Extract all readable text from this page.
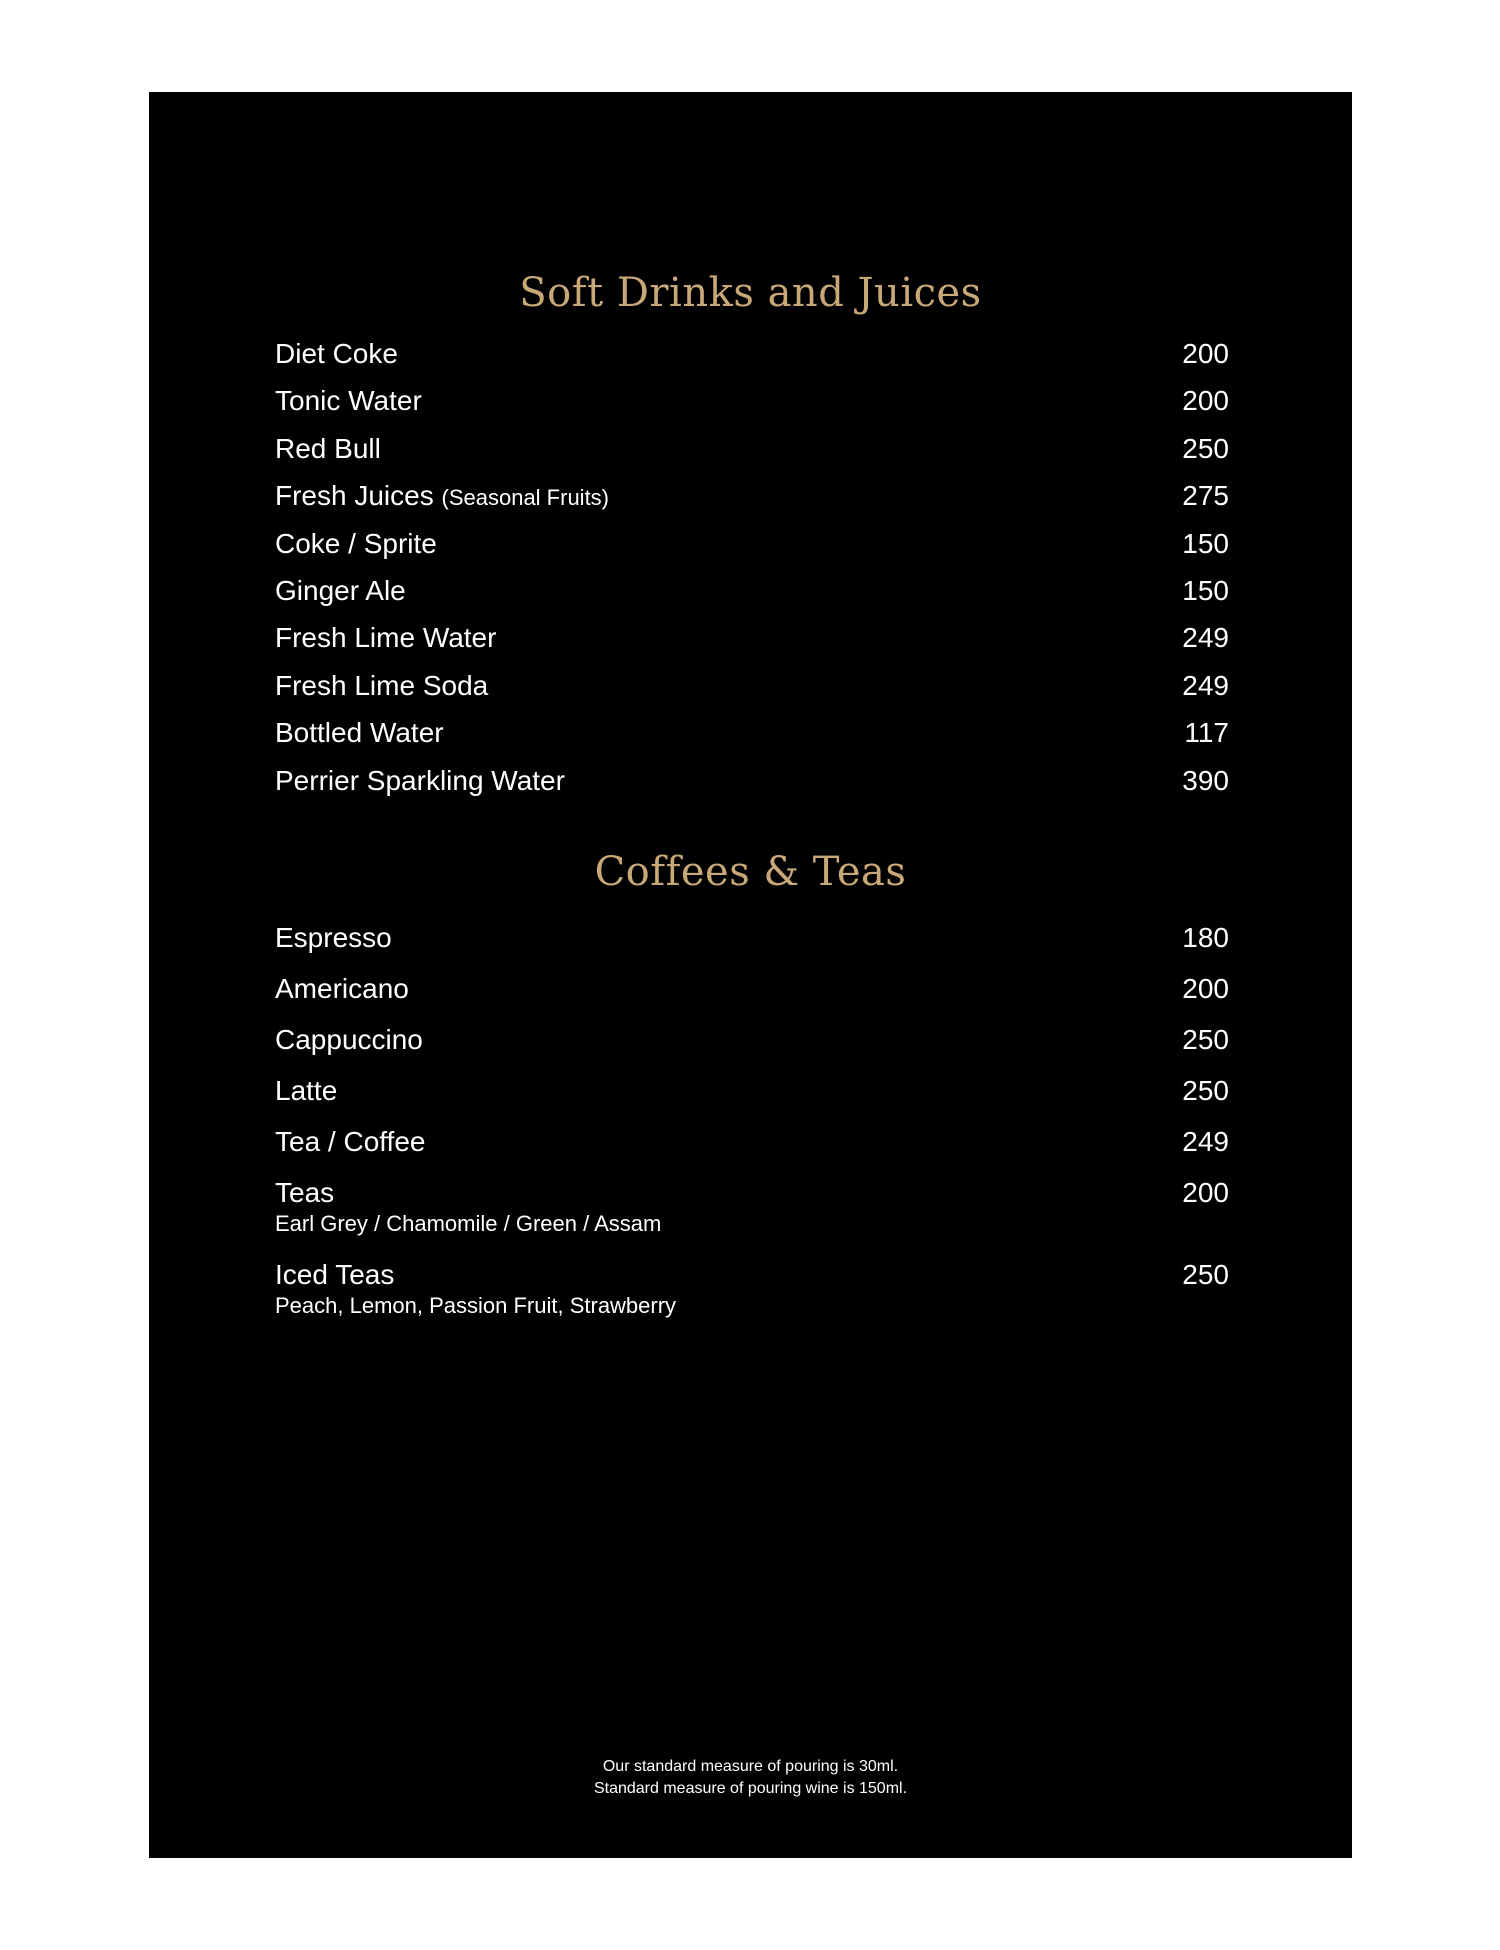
Soft Drinks and Juices
Diet Coke	200
Tonic Water	200
Red Bull	250
Fresh Juices (Seasonal Fruits)	275
Coke / Sprite	150
Ginger Ale	150
Fresh Lime Water	249
Fresh Lime Soda	249
Bottled Water	117
Perrier Sparkling Water	390
Coffees & Teas
Espresso	180
Americano	200
Cappuccino	250
Latte	250
Tea / Coffee	249
Teas	200
Earl Grey / Chamomile / Green / Assam
Iced Teas	250
Peach, Lemon, Passion Fruit, Strawberry
Our standard measure of pouring is 30ml.
Standard measure of pouring wine is 150ml.
